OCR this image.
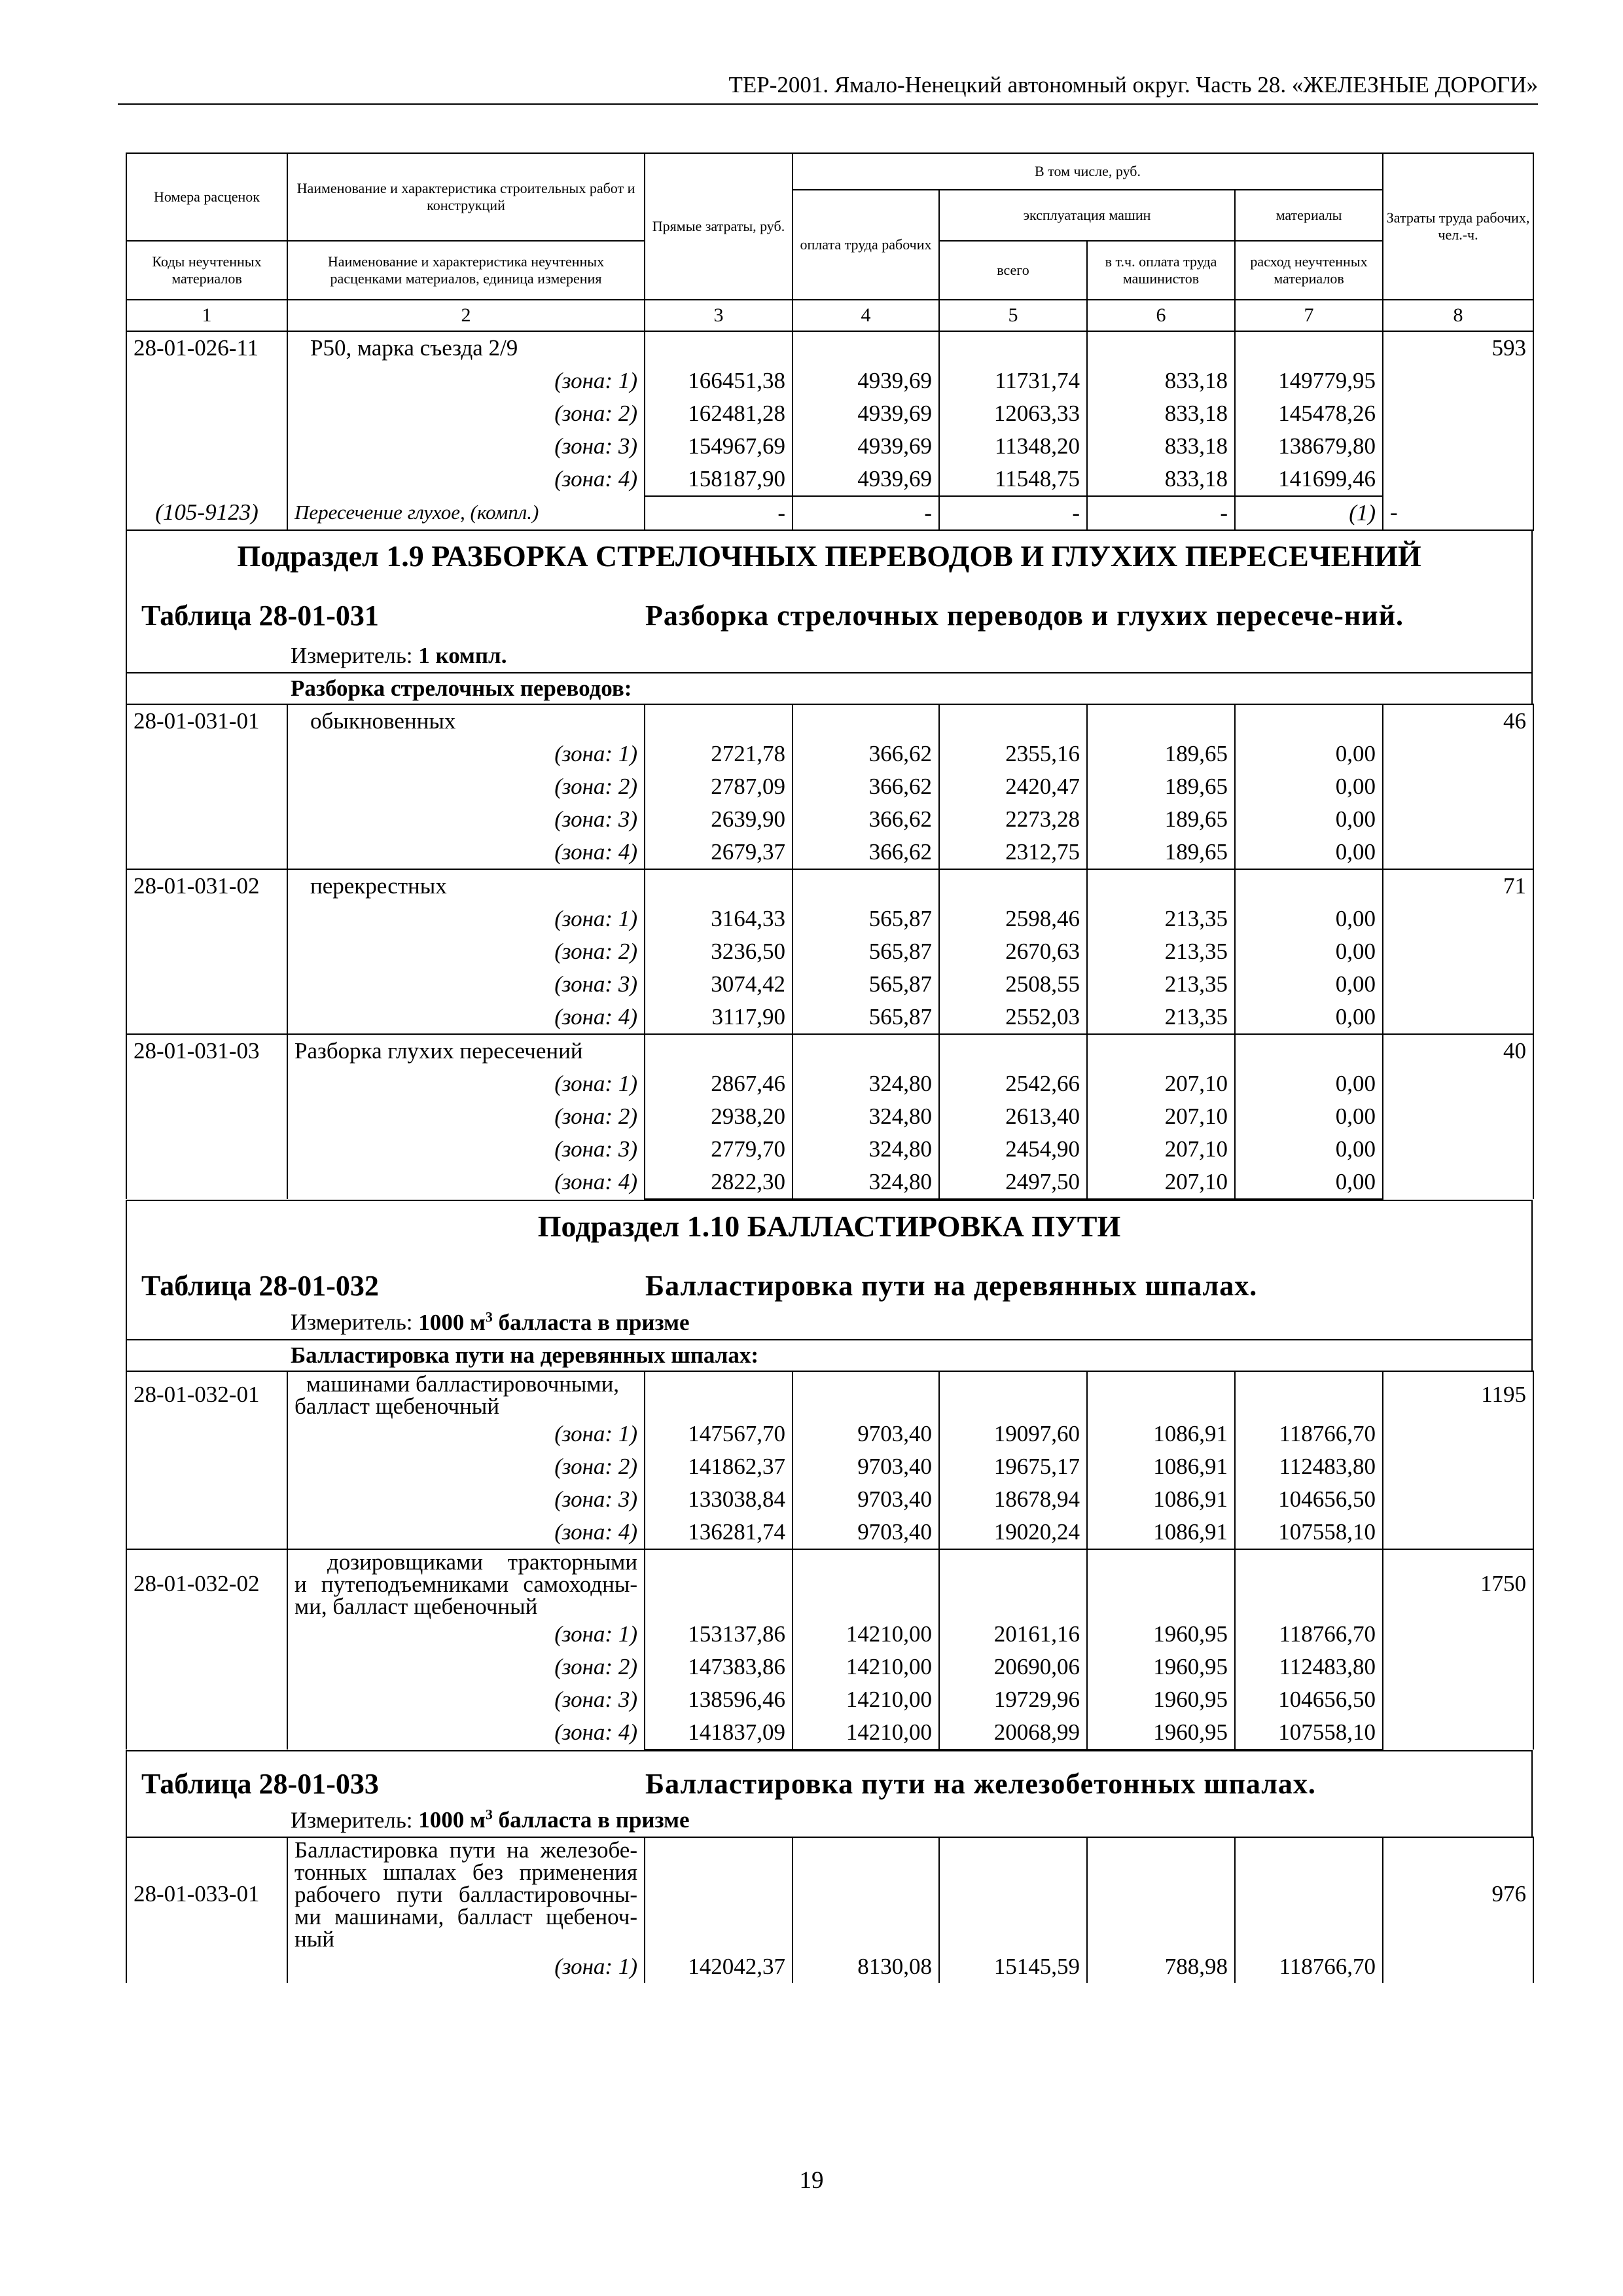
ТЕР-2001. Ямало-Ненецкий автономный округ. Часть 28. «ЖЕЛЕЗНЫЕ ДОРОГИ»
Номера расценок	Наименование и характеристика строительных работ и конструкций	Прямые затраты, руб.	В том числе, руб.				Затраты труда рабочих, чел.-ч.
			оплата труда рабочих	эксплуатация машин		материалы	
Коды неучтенных материалов	Наименование и характеристика неучтенных расценками материалов, единица измерения			всего	в т.ч. оплата труда машинистов	расход неучтенных материалов	
1	2	3	4	5	6	7	8
28-01-026-11	Р50, марка съезда 2/9						593
	(зона: 1)	166451,38	4939,69	11731,74	833,18	149779,95	
	(зона: 2)	162481,28	4939,69	12063,33	833,18	145478,26	
	(зона: 3)	154967,69	4939,69	11348,20	833,18	138679,80	
	(зона: 4)	158187,90	4939,69	11548,75	833,18	141699,46	
(105-9123)	Пересечение глухое, (компл.)	-	-	-	-	(1)	-
Подраздел 1.9 РАЗБОРКА СТРЕЛОЧНЫХ ПЕРЕВОДОВ И ГЛУХИХ ПЕРЕСЕЧЕНИЙ
Таблица 28-01-031	Разборка стрелочных переводов и глухих пересече-ний.
Измеритель: 1 компл.
Разборка стрелочных переводов:
28-01-031-01	обыкновенных						46
	(зона: 1)	2721,78	366,62	2355,16	189,65	0,00	
	(зона: 2)	2787,09	366,62	2420,47	189,65	0,00	
	(зона: 3)	2639,90	366,62	2273,28	189,65	0,00	
	(зона: 4)	2679,37	366,62	2312,75	189,65	0,00	
28-01-031-02	перекрестных						71
	(зона: 1)	3164,33	565,87	2598,46	213,35	0,00	
	(зона: 2)	3236,50	565,87	2670,63	213,35	0,00	
	(зона: 3)	3074,42	565,87	2508,55	213,35	0,00	
	(зона: 4)	3117,90	565,87	2552,03	213,35	0,00	
28-01-031-03	Разборка глухих пересечений						40
	(зона: 1)	2867,46	324,80	2542,66	207,10	0,00	
	(зона: 2)	2938,20	324,80	2613,40	207,10	0,00	
	(зона: 3)	2779,70	324,80	2454,90	207,10	0,00	
	(зона: 4)	2822,30	324,80	2497,50	207,10	0,00	
Подраздел 1.10 БАЛЛАСТИРОВКА ПУТИ
Таблица 28-01-032	Балластировка пути на деревянных шпалах.
Измеритель: 1000 $м^3$ балласта в призме
Балластировка пути на деревянных шпалах:
28-01-032-01	машинами балластировочными,
балласт щебеночный						1195
	(зона: 1)	147567,70	9703,40	19097,60	1086,91	118766,70	
	(зона: 2)	141862,37	9703,40	19675,17	1086,91	112483,80	
	(зона: 3)	133038,84	9703,40	18678,94	1086,91	104656,50	
	(зона: 4)	136281,74	9703,40	19020,24	1086,91	107558,10	
28-01-032-02	дозировщиками тракторными
и путеподъемниками самоходны-
ми, балласт щебеночный						1750
	(зона: 1)	153137,86	14210,00	20161,16	1960,95	118766,70	
	(зона: 2)	147383,86	14210,00	20690,06	1960,95	112483,80	
	(зона: 3)	138596,46	14210,00	19729,96	1960,95	104656,50	
	(зона: 4)	141837,09	14210,00	20068,99	1960,95	107558,10	
Таблица 28-01-033	Балластировка пути на железобетонных шпалах.
Измеритель: 1000 $м^3$ балласта в призме
28-01-033-01	Балластировка пути на железобе-
тонных шпалах без применения
рабочего пути балластировочны-
ми машинами, балласт щебеноч-
ный						976
	(зона: 1)	142042,37	8130,08	15145,59	788,98	118766,70	
19
